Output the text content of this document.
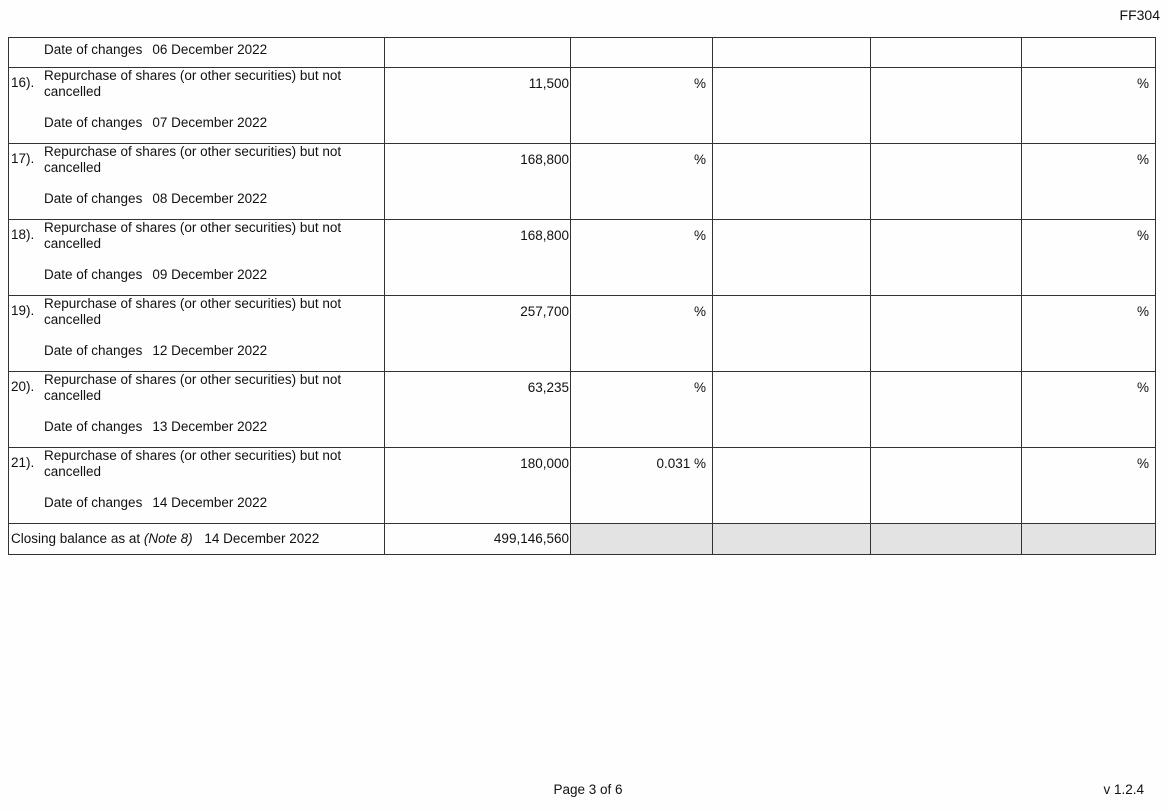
FF304
Date of changes 06 December 2022					

16). Repurchase of shares (or other securities) but not cancelled
Date of changes 07 December 2022	11,500	%			%

17). Repurchase of shares (or other securities) but not cancelled
Date of changes 08 December 2022	168,800	%			%

18). Repurchase of shares (or other securities) but not cancelled
Date of changes 09 December 2022	168,800	%			%

19). Repurchase of shares (or other securities) but not cancelled
Date of changes 12 December 2022	257,700	%			%

20). Repurchase of shares (or other securities) but not cancelled
Date of changes 13 December 2022	63,235	%			%

21). Repurchase of shares (or other securities) but not cancelled
Date of changes 14 December 2022	180,000	0.031 %			%
Closing balance as at (Note 8) 14 December 2022	499,146,560				
Page 3 of 6	v 1.2.4
